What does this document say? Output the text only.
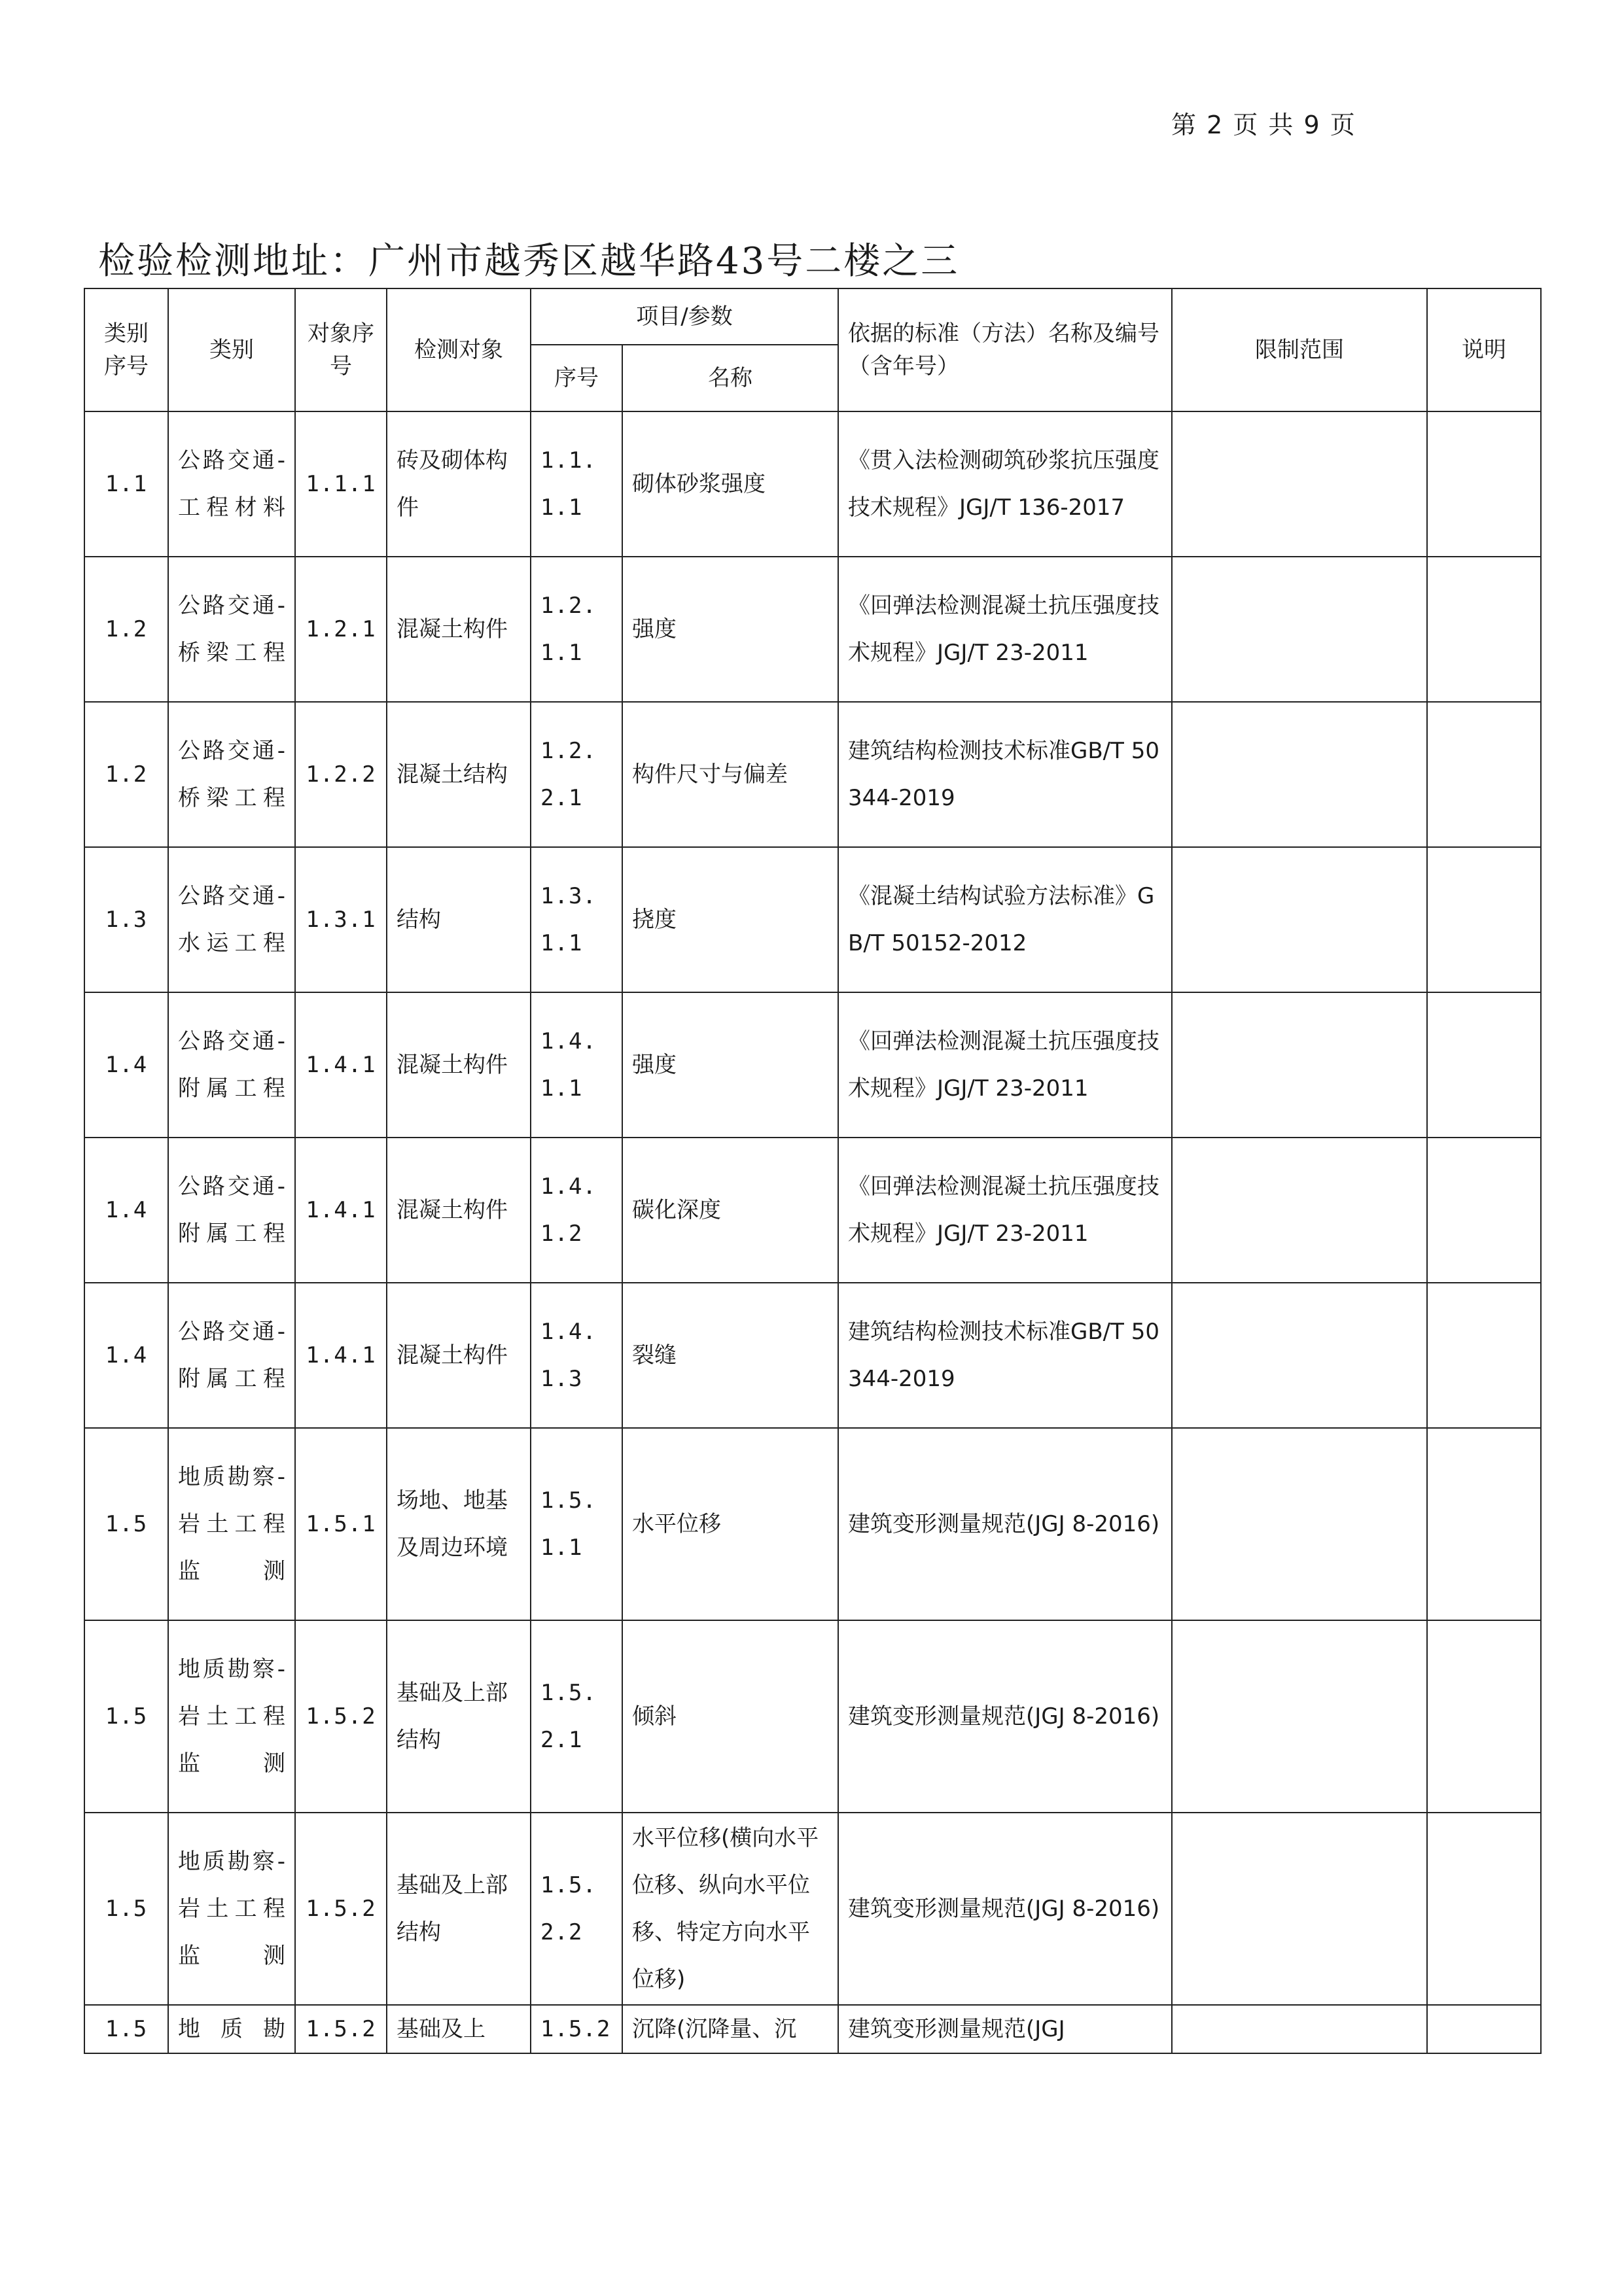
第 2 页 共 9 页
检验检测地址：广州市越秀区越华路43号二楼之三
类别序号	类别	对象序号	检测对象	项目/参数		依据的标准（方法）名称及编号（含年号）	限制范围	说明
				序号	名称			
1.1	公路交通-工程材料	1.1.1	砖及砌体构件	1.1.1.1	砌体砂浆强度	《贯入法检测砌筑砂浆抗压强度技术规程》JGJ/T 136-2017		
1.2	公路交通-桥梁工程	1.2.1	混凝土构件	1.2.1.1	强度	《回弹法检测混凝土抗压强度技术规程》JGJ/T 23-2011		
1.2	公路交通-桥梁工程	1.2.2	混凝土结构	1.2.2.1	构件尺寸与偏差	建筑结构检测技术标准GB/T 50344-2019		
1.3	公路交通-水运工程	1.3.1	结构	1.3.1.1	挠度	《混凝土结构试验方法标准》GB/T 50152-2012		
1.4	公路交通-附属工程	1.4.1	混凝土构件	1.4.1.1	强度	《回弹法检测混凝土抗压强度技术规程》JGJ/T 23-2011		
1.4	公路交通-附属工程	1.4.1	混凝土构件	1.4.1.2	碳化深度	《回弹法检测混凝土抗压强度技术规程》JGJ/T 23-2011		
1.4	公路交通-附属工程	1.4.1	混凝土构件	1.4.1.3	裂缝	建筑结构检测技术标准GB/T 50344-2019		
1.5	地质勘察-岩土工程监测	1.5.1	场地、地基及周边环境	1.5.1.1	水平位移	建筑变形测量规范(JGJ 8-2016)		
1.5	地质勘察-岩土工程监测	1.5.2	基础及上部结构	1.5.2.1	倾斜	建筑变形测量规范(JGJ 8-2016)		
1.5	地质勘察-岩土工程监测	1.5.2	基础及上部结构	1.5.2.2	水平位移(横向水平位移、纵向水平位移、特定方向水平位移)	建筑变形测量规范(JGJ 8-2016)		
1.5	地质勘	1.5.2	基础及上	1.5.2	沉降(沉降量、沉	建筑变形测量规范(JGJ		
